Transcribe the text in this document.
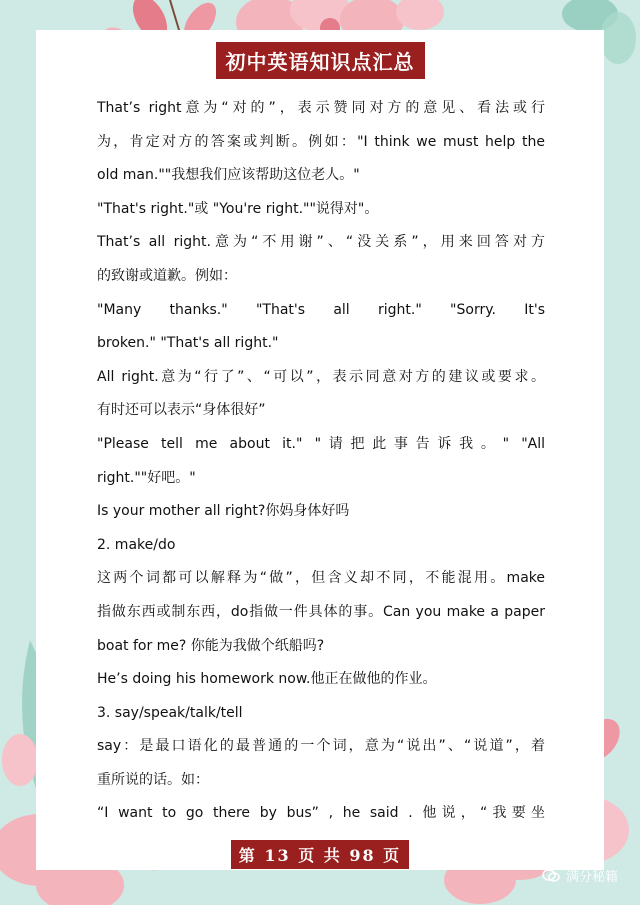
初中英语知识点汇总
That’s right意为“对的”，表示赞同对方的意见、看法或行
为，肯定对方的答案或判断。例如："I think we must help the
old man.""我想我们应该帮助这位老人。"
"That's right."或 "You're right.""说得对"。
That’s all right.意为“不用谢”、“没关系”，用来回答对方
的致谢或道歉。例如：
"Many thanks." "That's all right." "Sorry. It's
broken." "That's all right."
All right.意为“行了”、“可以”，表示同意对方的建议或要求。
有时还可以表示“身体很好”
"Please tell me about it." "请把此事告诉我。" "All
right.""好吧。"
Is your mother all right?你妈身体好吗
2. make/do
这两个词都可以解释为“做”，但含义却不同，不能混用。make
指做东西或制东西，do指做一件具体的事。Can you make a paper
boat for me? 你能为我做个纸船吗?
He’s doing his homework now.他正在做他的作业。
3. say/speak/talk/tell
say：是最口语化的最普通的一个词，意为“说出”、“说道”，着
重所说的话。如：
“I want to go there by bus” , he said . 他说，“我要坐
第 13 页 共 98 页
满分秘籍
